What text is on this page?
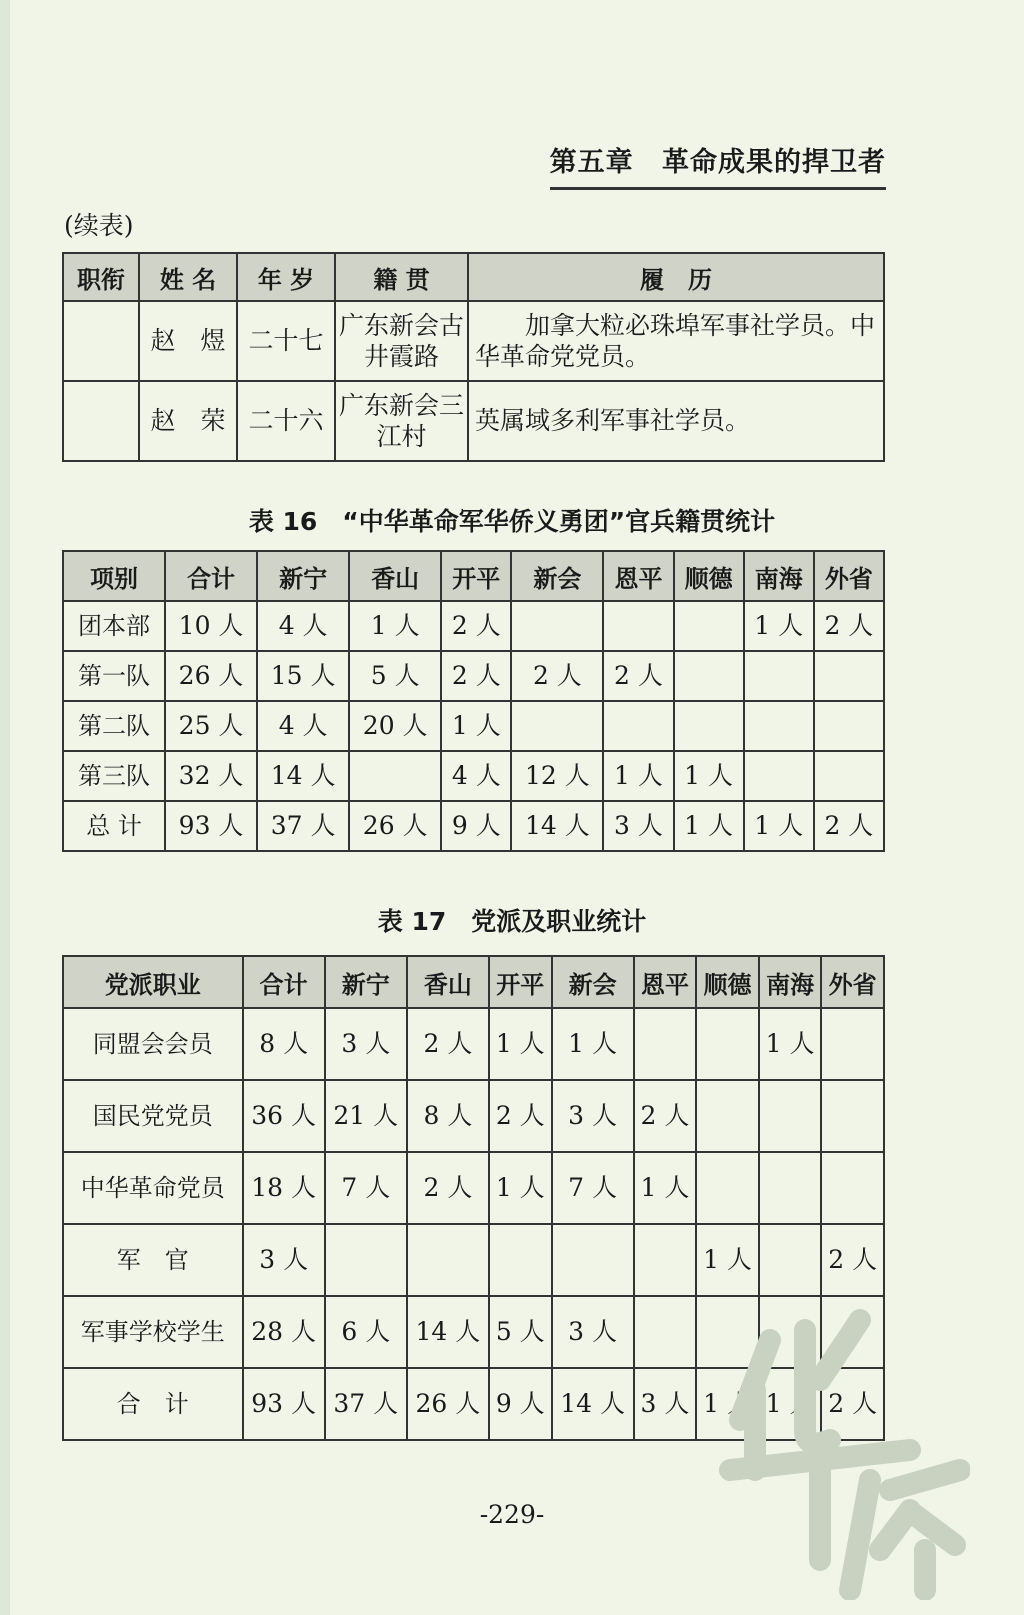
第五章 革命成果的捍卫者
(续表)
职衔	姓 名	年 岁	籍 贯	履　历
	赵　煜	二十七	广东新会古井霞路	　　加拿大粒必珠埠军事社学员。中华革命党党员。
	赵　荣	二十六	广东新会三江村	英属域多利军事社学员。
表 16　“中华革命军华侨义勇团”官兵籍贯统计
项别	合计	新宁	香山	开平	新会	恩平	顺德	南海	外省
团本部	10 人	4 人	1 人	2 人				1 人	2 人
第一队	26 人	15 人	5 人	2 人	2 人	2 人			
第二队	25 人	4 人	20 人	1 人					
第三队	32 人	14 人		4 人	12 人	1 人	1 人		
总 计	93 人	37 人	26 人	9 人	14 人	3 人	1 人	1 人	2 人
表 17　党派及职业统计
党派职业	合计	新宁	香山	开平	新会	恩平	顺德	南海	外省
同盟会会员	8 人	3 人	2 人	1 人	1 人			1 人	
国民党党员	36 人	21 人	8 人	2 人	3 人	2 人			
中华革命党员	18 人	7 人	2 人	1 人	7 人	1 人			
军　官	3 人						1 人		2 人
军事学校学生	28 人	6 人	14 人	5 人	3 人				
合　计	93 人	37 人	26 人	9 人	14 人	3 人	1 人	1 人	2 人
-229-
